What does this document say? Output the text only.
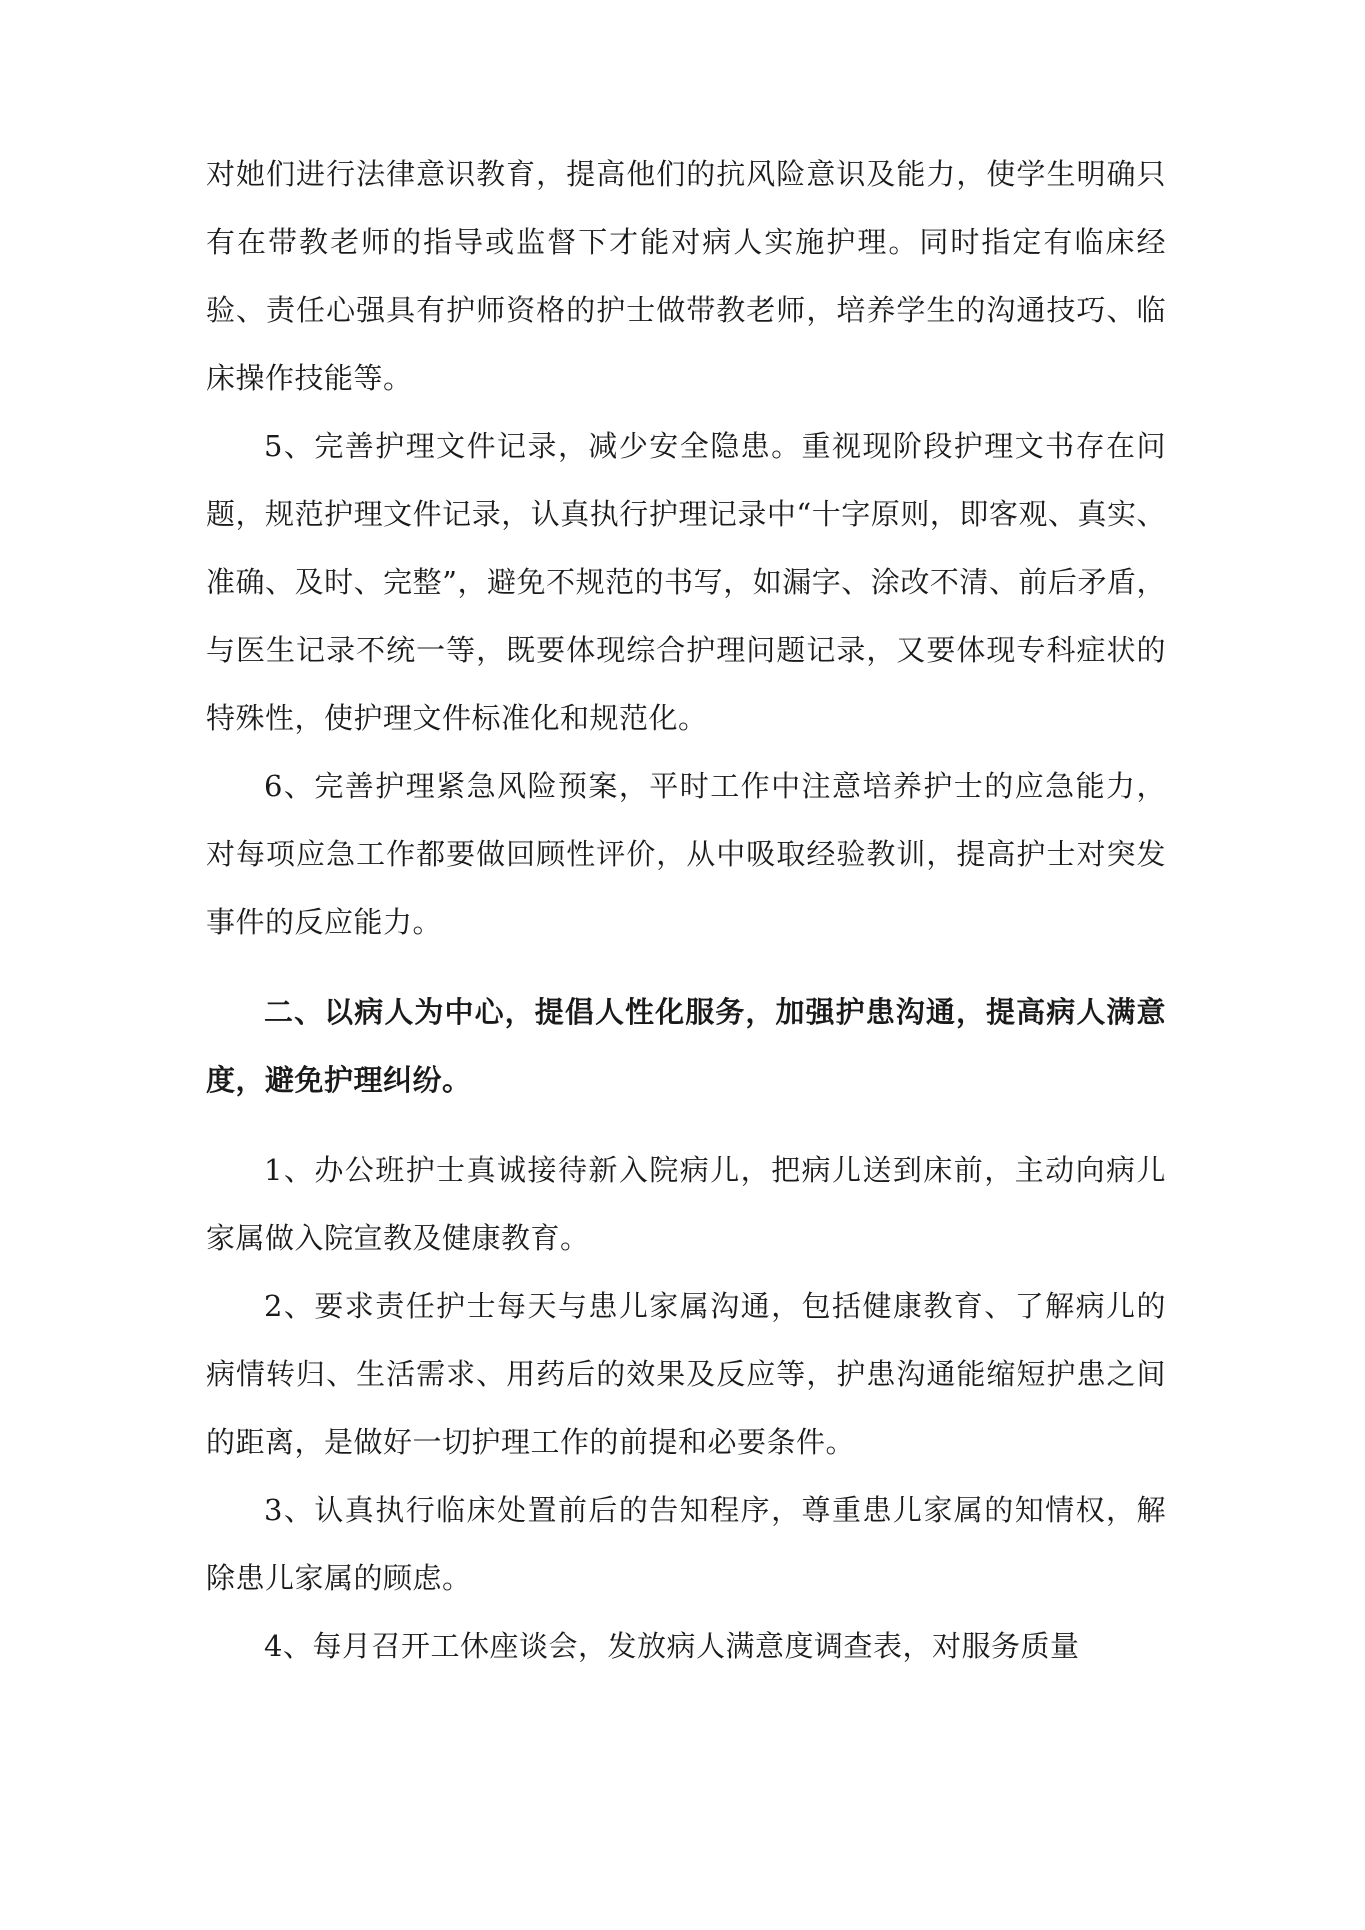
对她们进行法律意识教育，提高他们的抗风险意识及能力，使学生明确只有在带教老师的指导或监督下才能对病人实施护理。同时指定有临床经验、责任心强具有护师资格的护士做带教老师，培养学生的沟通技巧、临床操作技能等。

5、完善护理文件记录，减少安全隐患。重视现阶段护理文书存在问题，规范护理文件记录，认真执行护理记录中“十字原则，即客观、真实、准确、及时、完整”，避免不规范的书写，如漏字、涂改不清、前后矛盾，与医生记录不统一等，既要体现综合护理问题记录，又要体现专科症状的特殊性，使护理文件标准化和规范化。

6、完善护理紧急风险预案，平时工作中注意培养护士的应急能力，对每项应急工作都要做回顾性评价，从中吸取经验教训，提高护士对突发事件的反应能力。

二、以病人为中心，提倡人性化服务，加强护患沟通，提高病人满意度，避免护理纠纷。

1、办公班护士真诚接待新入院病儿，把病儿送到床前，主动向病儿家属做入院宣教及健康教育。

2、要求责任护士每天与患儿家属沟通，包括健康教育、了解病儿的病情转归、生活需求、用药后的效果及反应等，护患沟通能缩短护患之间的距离，是做好一切护理工作的前提和必要条件。

3、认真执行临床处置前后的告知程序，尊重患儿家属的知情权，解除患儿家属的顾虑。

4、每月召开工休座谈会，发放病人满意度调查表，对服务质量
